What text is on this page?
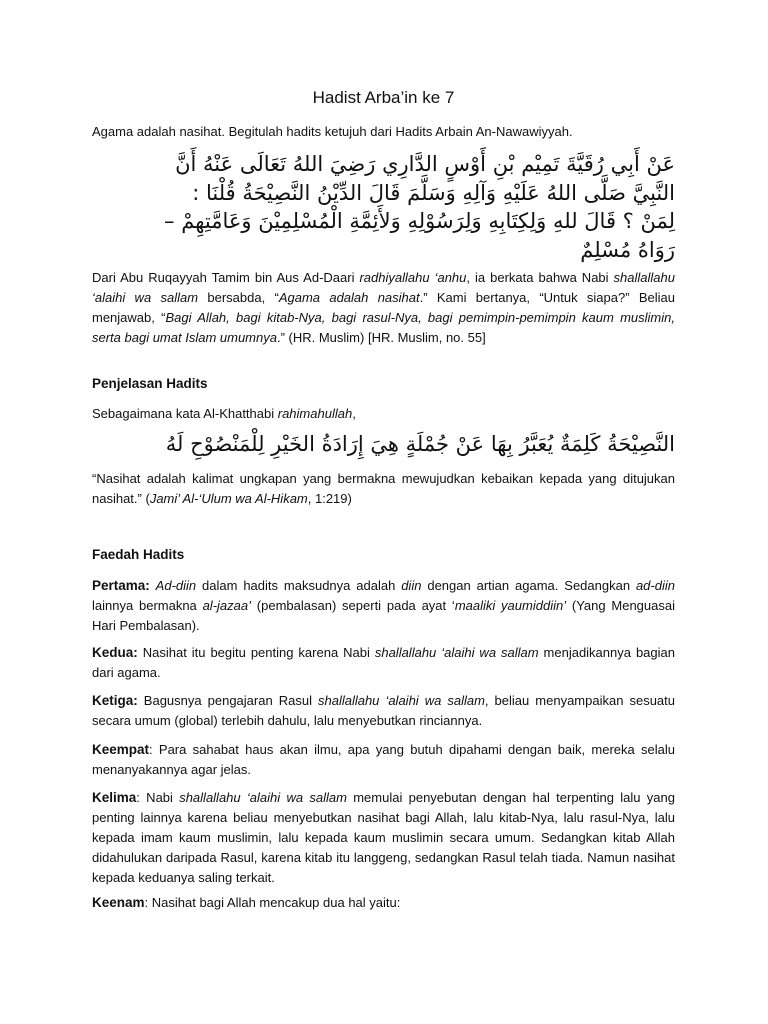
Hadist Arba’in ke 7

Agama adalah nasihat. Begitulah hadits ketujuh dari Hadits Arbain An-Nawawiyyah.

عَنْ أَبِي رُقَيَّةَ تَمِيْم بْنِ أَوْسٍ الدَّارِي رَضِيَ اللهُ تَعَالَى عَنْهُ أَنَّ
النَّبِيَّ صَلَّى اللهُ عَلَيْهِ وَآلِهِ وَسَلَّمَ قَالَ الدِّيْنُ النَّصِيْحَةُ قُلْنَا :
لِمَنْ ؟ قَالَ للهِ وَلِكِتَابِهِ وَلِرَسُوْلِهِ وَلأَئِمَّةِ الْمُسْلِمِيْنَ وَعَامَّتِهِمْ –
رَوَاهُ مُسْلِمٌ

Dari Abu Ruqayyah Tamim bin Aus Ad-Daari radhiyallahu ‘anhu, ia berkata bahwa Nabi shallallahu ‘alaihi wa sallam bersabda, “Agama adalah nasihat.” Kami bertanya, “Untuk siapa?” Beliau menjawab, “Bagi Allah, bagi kitab-Nya, bagi rasul-Nya, bagi pemimpin-pemimpin kaum muslimin, serta bagi umat Islam umumnya.” (HR. Muslim) [HR. Muslim, no. 55]

Penjelasan Hadits

Sebagaimana kata Al-Khatthabi rahimahullah,

النَّصِيْحَةُ كَلِمَةٌ يُعَبَّرُ بِهَا عَنْ جُمْلَةٍ هِيَ إِرَادَةُ الخَيْرِ لِلْمَنْصُوْحِ لَهُ

“Nasihat adalah kalimat ungkapan yang bermakna mewujudkan kebaikan kepada yang ditujukan nasihat.” (Jami’ Al-‘Ulum wa Al-Hikam, 1:219)

Faedah Hadits

Pertama: Ad-diin dalam hadits maksudnya adalah diin dengan artian agama. Sedangkan ad-diin lainnya bermakna al-jazaa’ (pembalasan) seperti pada ayat ‘maaliki yaumiddiin’ (Yang Menguasai Hari Pembalasan).

Kedua: Nasihat itu begitu penting karena Nabi shallallahu ‘alaihi wa sallam menjadikannya bagian dari agama.

Ketiga: Bagusnya pengajaran Rasul shallallahu ‘alaihi wa sallam, beliau menyampaikan sesuatu secara umum (global) terlebih dahulu, lalu menyebutkan rinciannya.

Keempat: Para sahabat haus akan ilmu, apa yang butuh dipahami dengan baik, mereka selalu menanyakannya agar jelas.

Kelima: Nabi shallallahu ‘alaihi wa sallam memulai penyebutan dengan hal terpenting lalu yang penting lainnya karena beliau menyebutkan nasihat bagi Allah, lalu kitab-Nya, lalu rasul-Nya, lalu kepada imam kaum muslimin, lalu kepada kaum muslimin secara umum. Sedangkan kitab Allah didahulukan daripada Rasul, karena kitab itu langgeng, sedangkan Rasul telah tiada. Namun nasihat kepada keduanya saling terkait.

Keenam: Nasihat bagi Allah mencakup dua hal yaitu:
